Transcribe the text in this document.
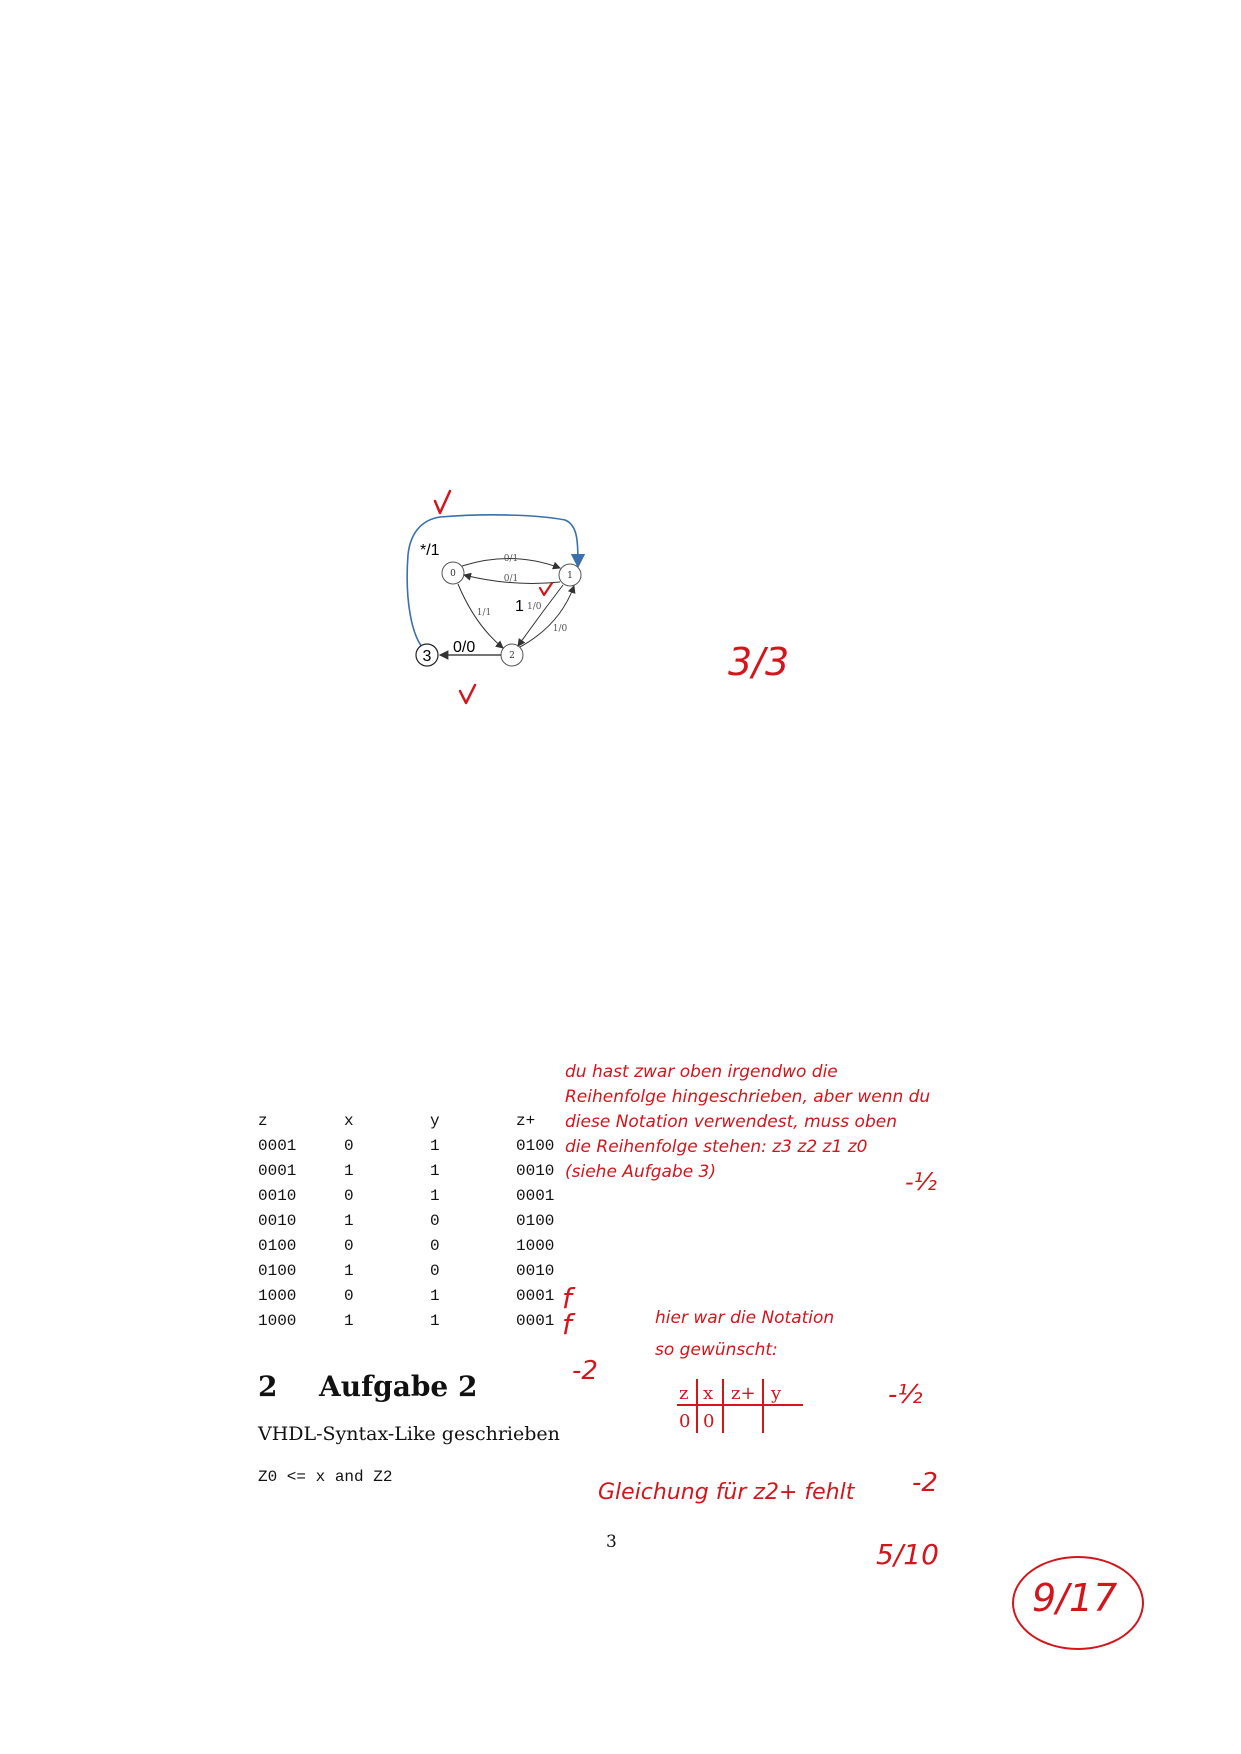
0	1
2
3
0/1
0/1
1/1
1/0
1/0
0/0
*/1
1
3/3
z	x	y	z+
0001	0	1	0100
0001	1	1	0010
0010	0	1	0001
0010	1	0	0100
0100	0	0	1000
0100	1	0	0010
1000	0	1	0001
1000	1	1	0001
f
f
2 Aufgabe 2
VHDL-Syntax-Like geschrieben
Z0 <= x and Z2
3
du hast zwar oben irgendwo die
Reihenfolge hingeschrieben, aber wenn du
diese Notation verwendest, muss oben
die Reihenfolge stehen: z3 z2 z1 z0
(siehe Aufgabe 3)	-½
hier war die Notation
so gewünscht:
z x z+ y
0 0
-2
-½
Gleichung für z2+ fehlt -2
5/10
9/17
